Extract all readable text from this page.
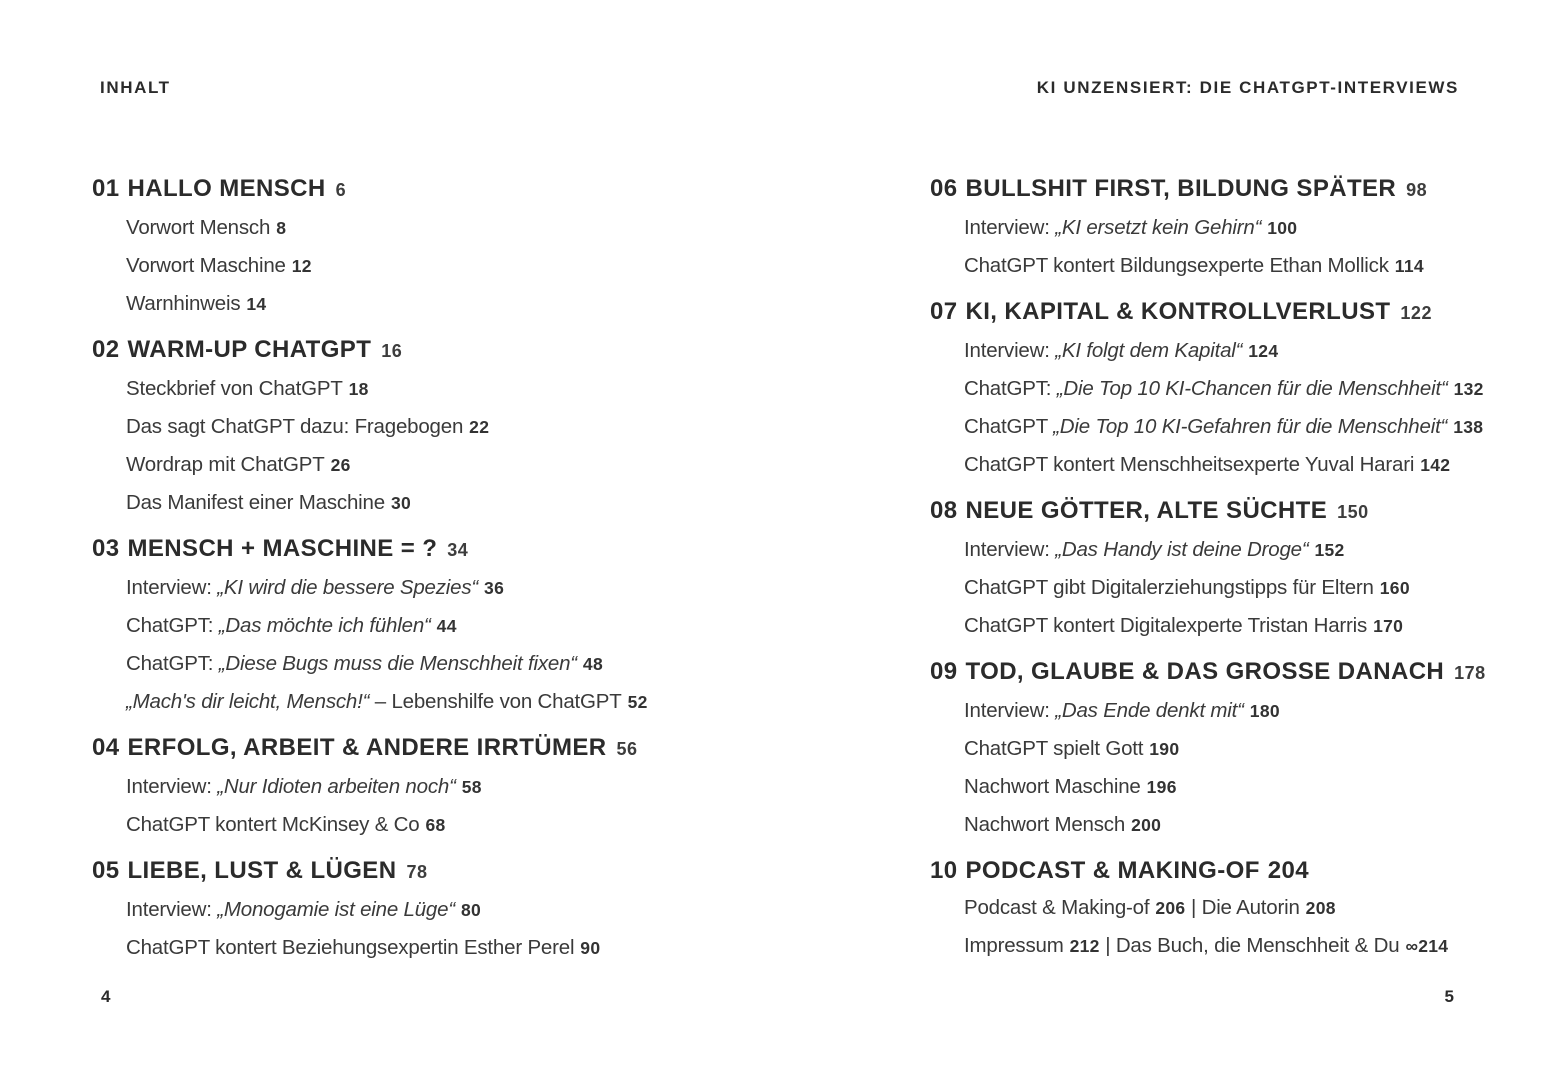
INHALT	KI UNZENSIERT: DIE CHATGPT-INTERVIEWS
01 HALLO MENSCH 6
Vorwort Mensch 8
Vorwort Maschine 12
Warnhinweis 14
02 WARM-UP CHATGPT 16
Steckbrief von ChatGPT 18
Das sagt ChatGPT dazu: Fragebogen 22
Wordrap mit ChatGPT 26
Das Manifest einer Maschine 30
03 MENSCH + MASCHINE = ? 34
Interview: „KI wird die bessere Spezies“ 36
ChatGPT: „Das möchte ich fühlen“ 44
ChatGPT: „Diese Bugs muss die Menschheit fixen“ 48
„Mach's dir leicht, Mensch!“ – Lebenshilfe von ChatGPT 52
04 ERFOLG, ARBEIT & ANDERE IRRTÜMER 56
Interview: „Nur Idioten arbeiten noch“ 58
ChatGPT kontert McKinsey & Co 68
05 LIEBE, LUST & LÜGEN 78
Interview: „Monogamie ist eine Lüge“ 80
ChatGPT kontert Beziehungsexpertin Esther Perel 90
06 BULLSHIT FIRST, BILDUNG SPÄTER 98
Interview: „KI ersetzt kein Gehirn“ 100
ChatGPT kontert Bildungsexperte Ethan Mollick 114
07 KI, KAPITAL & KONTROLLVERLUST 122
Interview: „KI folgt dem Kapital“ 124
ChatGPT: „Die Top 10 KI-Chancen für die Menschheit“ 132
ChatGPT „Die Top 10 KI-Gefahren für die Menschheit“ 138
ChatGPT kontert Menschheitsexperte Yuval Harari 142
08 NEUE GÖTTER, ALTE SÜCHTE 150
Interview: „Das Handy ist deine Droge“ 152
ChatGPT gibt Digitalerziehungstipps für Eltern 160
ChatGPT kontert Digitalexperte Tristan Harris 170
09 TOD, GLAUBE & DAS GROSSE DANACH 178
Interview: „Das Ende denkt mit“ 180
ChatGPT spielt Gott 190
Nachwort Maschine 196
Nachwort Mensch 200
10 PODCAST & MAKING-OF 204
Podcast & Making-of 206 | Die Autorin 208
Impressum 212 | Das Buch, die Menschheit & Du ∞214
4	5
